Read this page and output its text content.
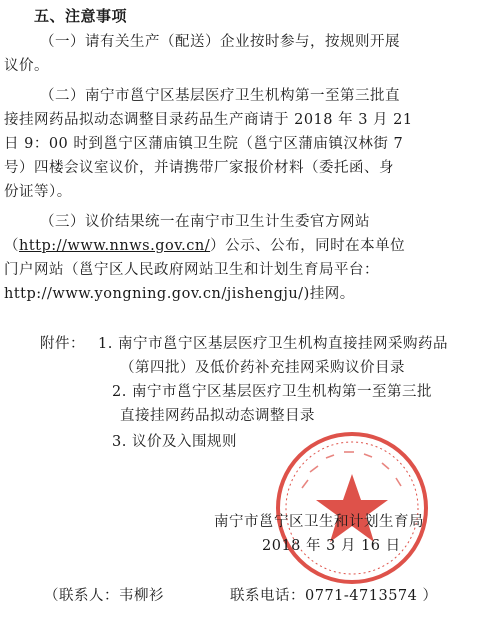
五、注意事项
（一）请有关生产（配送）企业按时参与，按规则开展
议价。
（二）南宁市邕宁区基层医疗卫生机构第一至第三批直
接挂网药品拟动态调整目录药品生产商请于 2018 年 3 月 21
日 9：00 时到邕宁区蒲庙镇卫生院（邕宁区蒲庙镇汉林街 7
号）四楼会议室议价，并请携带厂家报价材料（委托函、身
份证等）。
（三）议价结果统一在南宁市卫生计生委官方网站
（http://www.nnws.gov.cn/）公示、公布，同时在本单位
门户网站（邕宁区人民政府网站卫生和计划生育局平台：
http://www.yongning.gov.cn/jishengju/)挂网。
附件： 1. 南宁市邕宁区基层医疗卫生机构直接挂网采购药品
（第四批）及低价药补充挂网采购议价目录
2. 南宁市邕宁区基层医疗卫生机构第一至第三批
直接挂网药品拟动态调整目录
3. 议价及入围规则
南宁市邕宁区卫生和计划生育局
2018 年 3 月 16 日
（联系人：韦柳衫	联系电话：0771-4713574 ）
